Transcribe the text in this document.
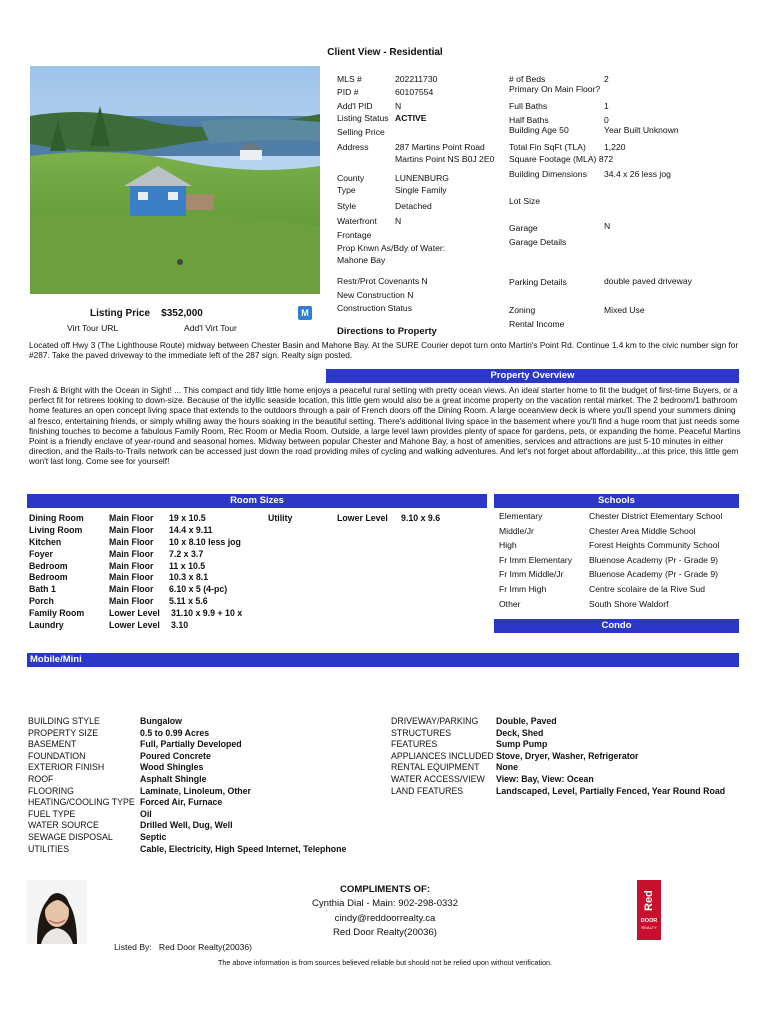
Client View - Residential
Listing Price $352,000	M
Virt Tour URL	Add'l Virt Tour
MLS #	202211730
PID #	60107554
Add'l PID	N
Listing Status ACTIVE
Selling Price
Address	287 Martins Point Road
Martins Point NS B0J 2E0
County	LUNENBURG
Type	Single Family
Style	Detached
Waterfront N
Frontage
Prop Knwn As/Bdy of Water:
Mahone Bay
Restr/Prot Covenants N
New Construction N
Construction Status
# of Beds	2
Primary On Main Floor?
Full Baths	1
Half Baths	0
Building Age 50	Year Built Unknown
Total Fin SqFt (TLA) 1,220
Square Footage (MLA) 872
Building Dimensions 34.4 x 26 less jog
Lot Size
Garage	N
Garage Details
Parking Details	double paved driveway
Zoning	Mixed Use
Rental Income
Directions to Property
Located off Hwy 3 (The Lighthouse Route) midway between Chester Basin and Mahone Bay. At the SURE Courier depot turn onto Martin's Point Rd. Continue 1.4 km to the civic number sign for #287. Take the paved driveway to the immediate left of the 287 sign. Realty sign posted.
Property Overview
Fresh & Bright with the Ocean in Sight! ... This compact and tidy little home enjoys a peaceful rural setting with pretty ocean views. An ideal starter home to fit the budget of first-time Buyers, or a perfect fit for retirees looking to down-size. Because of the idyllic seaside location, this little gem would also be a great income property on the vacation rental market. The 2 bedroom/1 bathroom home features an open concept living space that extends to the outdoors through a pair of French doors off the Dining Room. A large oceanview deck is where you'll spend your summers dining al fresco, entertaining friends, or simply whiling away the hours soaking in the beautiful setting. There's additional living space in the basement where you'll find a huge room that just needs some finishing touches to become a fabulous Family Room, Rec Room or Media Room. Outside, a large level lawn provides plenty of space for gardens, pets, or expanding the home. Peaceful Martins Point is a friendly enclave of year-round and seasonal homes. Midway between popular Chester and Mahone Bay, a host of amenities, services and attractions are just 5-10 minutes in either direction, and the Rails-to-Trails network can be accessed just down the road providing miles of cycling and walking adventures. And let's not forget about affordability...at this price, this little gem won't last long. Come see for yourself!
Room Sizes
Dining Room	Main Floor 19 x 10.5
Living Room	Main Floor 14.4 x 9.11
Kitchen	Main Floor 10 x 8.10 less jog
Foyer	Main Floor 7.2 x 3.7
Bedroom	Main Floor 11 x 10.5
Bedroom	Main Floor 10.3 x 8.1
Bath 1	Main Floor 6.10 x 5 (4-pc)
Porch	Main Floor 5.11 x 5.6
Family Room	Lower Level 31.10 x 9.9 + 10 x
Laundry	Lower Level 3.10
Utility	Lower Level 9.10 x 9.6
Schools
Elementary	Chester District Elementary School
Middle/Jr	Chester Area Middle School
High	Forest Heights Community School
Fr Imm Elementary Bluenose Academy (Pr - Grade 9)
Fr Imm Middle/Jr	Bluenose Academy (Pr - Grade 9)
Fr Imm High	Centre scolaire de la Rive Sud
Other	South Shore Waldorf
Condo
Mobile/Mini
BUILDING STYLE	Bungalow
PROPERTY SIZE	0.5 to 0.99 Acres
BASEMENT	Full, Partially Developed
FOUNDATION	Poured Concrete
EXTERIOR FINISH	Wood Shingles
ROOF	Asphalt Shingle
FLOORING	Laminate, Linoleum, Other
HEATING/COOLING TYPE	Forced Air, Furnace
FUEL TYPE	Oil
WATER SOURCE	Drilled Well, Dug, Well
SEWAGE DISPOSAL	Septic
UTILITIES	Cable, Electricity, High Speed Internet, Telephone
DRIVEWAY/PARKING	Double, Paved
STRUCTURES	Deck, Shed
FEATURES	Sump Pump
APPLIANCES INCLUDED	Stove, Dryer, Washer, Refrigerator
RENTAL EQUIPMENT	None
WATER ACCESS/VIEW	View: Bay, View: Ocean
LAND FEATURES	Landscaped, Level, Partially Fenced, Year Round Road
COMPLIMENTS OF:
Cynthia Dial - Main: 902-298-0332
cindy@reddoorrealty.ca
Red Door Realty(20036)
Red
DOOR
REALTY
Listed By:   Red Door Realty(20036)
The above information is from sources believed reliable but should not be relied upon without verification.
